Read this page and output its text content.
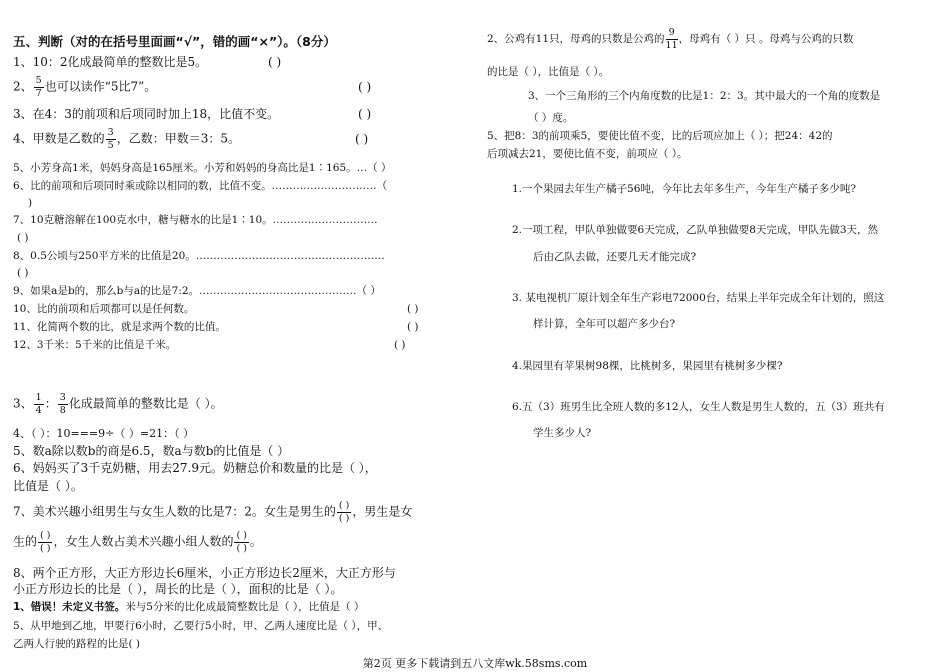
五、判断（对的在括号里面画“√”，错的画“×”）。（8分）
1、10：2化成最简单的整数比是5。	( )
2、 $\frac{5}{7}$ 也可以读作“5比7”。	( )
3、在4：3的前项和后项同时加上18，比值不变。	( )
4、甲数是乙数的 $\frac{3}{5}$ ，乙数：甲数＝3：5。	( )
5、小芳身高1米，妈妈身高是165厘米。小芳和妈妈的身高比是1∶165。…（ ）
6、比的前项和后项同时乘或除以相同的数，比值不变。…………………………（
)
7、10克糖溶解在100克水中，糖与糖水的比是1∶10。…………………………
( )
8、0.5公顷与250平方米的比值是20。………………………………………………
( )
9、如果a是b的，那么b与a的比是7:2。………………………………………（ ）
10、比的前项和后项都可以是任何数。	( )
11、化简两个数的比，就是求两个数的比值。	( )
12、3千米：5千米的比值是千米。	( )
3、 $\frac{1}{4}$ ： $\frac{3}{8}$ 化成最简单的整数比是（ ）。
4、（ ）：10===9÷（ ）=21：（ ）
5、数a除以数b的商是6.5，数a与数b的比值是（ ）
6、妈妈买了3千克奶糖，用去27.9元。奶糖总价和数量的比是（ ），
比值是（ ）。
7、美术兴趣小组男生与女生人数的比是7：2。女生是男生的 $\frac{( )}{( )}$ ，男生是女
生的 $\frac{( )}{( )}$ ，女生人数占美术兴趣小组人数的 $\frac{( )}{( )}$ 。
8、两个正方形，大正方形边长6厘米，小正方形边长2厘米，大正方形与
小正方形边长的比是（ ），周长的比是（ ），面积的比是（ ）。
1、错误！未定义书签。米与5分米的比化成最简整数比是（ ），比值是（ ）
5、从甲地到乙地，甲要行6小时，乙要行5小时，甲、乙两人速度比是（ ），甲、
乙两人行驶的路程的比是( )
2、公鸡有11只，母鸡的只数是公鸡的 $\frac{9}{11}$ ，母鸡有（ ）只 。母鸡与公鸡的只数
的比是（ ），比值是（ ）。
3、一个三角形的三个内角度数的比是1：2：3。其中最大的一个角的度数是
（ ）度。
5、把8：3的前项乘5，要使比值不变，比的后项应加上（ ）；把24：42的
后项减去21，要使比值不变，前项应（ ）。
1.一个果园去年生产橘子56吨，今年比去年多生产，今年生产橘子多少吨?
2.一项工程，甲队单独做要6天完成，乙队单独做要8天完成，甲队先做3天，然
后由乙队去做，还要几天才能完成?
3. 某电视机厂原计划全年生产彩电72000台，结果上半年完成全年计划的，照这
样计算，全年可以超产多少台?
4.果园里有苹果树98棵，比桃树多，果园里有桃树多少棵?
6.五（3）班男生比全班人数的多12人，女生人数是男生人数的，五（3）班共有
学生多少人?
第2页 更多下载请到五八文库wk.58sms.com
